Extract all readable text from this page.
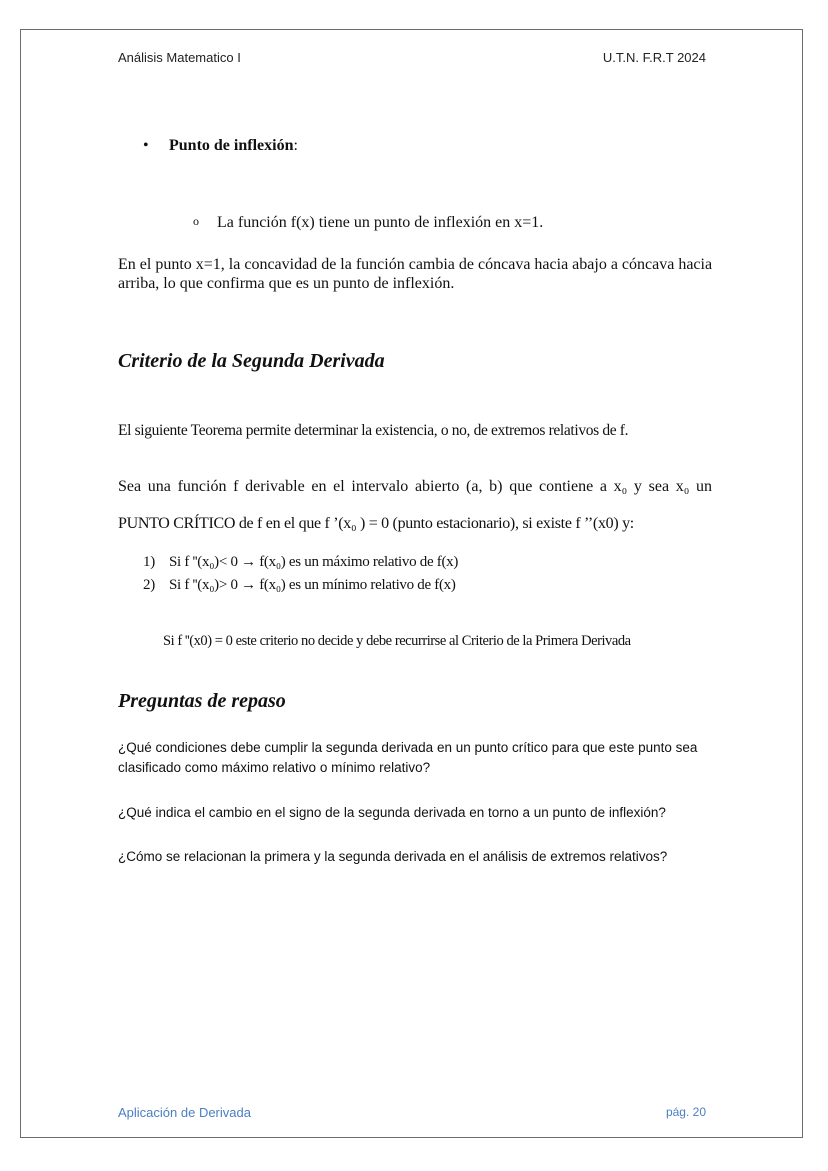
Análisis Matematico I	U.T.N. F.R.T 2024
• Punto de inflexión:
o La función f(x) tiene un punto de inflexión en x=1.
En el punto x=1, la concavidad de la función cambia de cóncava hacia abajo a cóncava hacia arriba, lo que confirma que es un punto de inflexión.
Criterio de la Segunda Derivada
El siguiente Teorema permite determinar la existencia, o no, de extremos relativos de f.
Sea una función f derivable en el intervalo abierto (a, b) que contiene a x₀ y sea x₀ un
PUNTO CRÍTICO de f en el que f ’(x₀ ) = 0 (punto estacionario), si existe f ’’(x0) y:
1) Si f ''(x₀)< 0 → f(x₀) es un máximo relativo de f(x)
2) Si f ''(x₀)> 0 → f(x₀) es un mínimo relativo de f(x)
Si f ''(x0) = 0 este criterio no decide y debe recurrirse al Criterio de la Primera Derivada
Preguntas de repaso
¿Qué condiciones debe cumplir la segunda derivada en un punto crítico para que este punto sea clasificado como máximo relativo o mínimo relativo?
¿Qué indica el cambio en el signo de la segunda derivada en torno a un punto de inflexión?
¿Cómo se relacionan la primera y la segunda derivada en el análisis de extremos relativos?
Aplicación de Derivada	pág. 20
